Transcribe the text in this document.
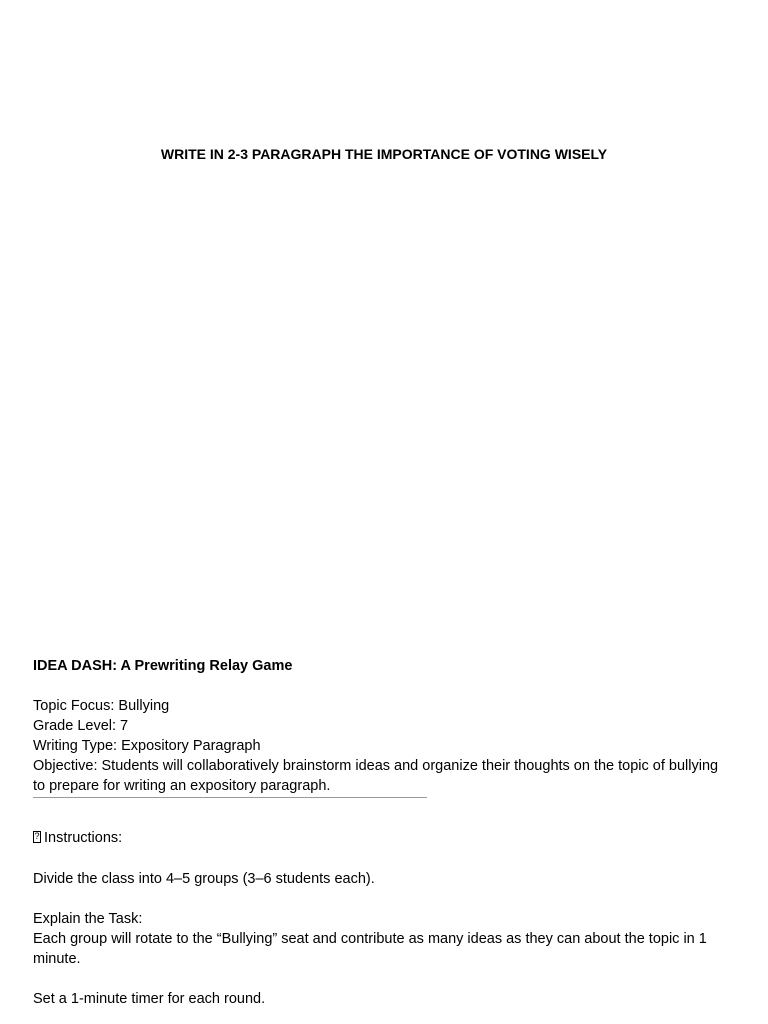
WRITE IN 2-3 PARAGRAPH THE IMPORTANCE OF VOTING WISELY
IDEA DASH: A Prewriting Relay Game
Topic Focus: Bullying
Grade Level: 7
Writing Type: Expository Paragraph
Objective: Students will collaboratively brainstorm ideas and organize their thoughts on the topic of bullying to prepare for writing an expository paragraph.
?Instructions:
Divide the class into 4–5 groups (3–6 students each).
Explain the Task:
Each group will rotate to the “Bullying” seat and contribute as many ideas as they can about the topic in 1 minute.
Set a 1-minute timer for each round.
